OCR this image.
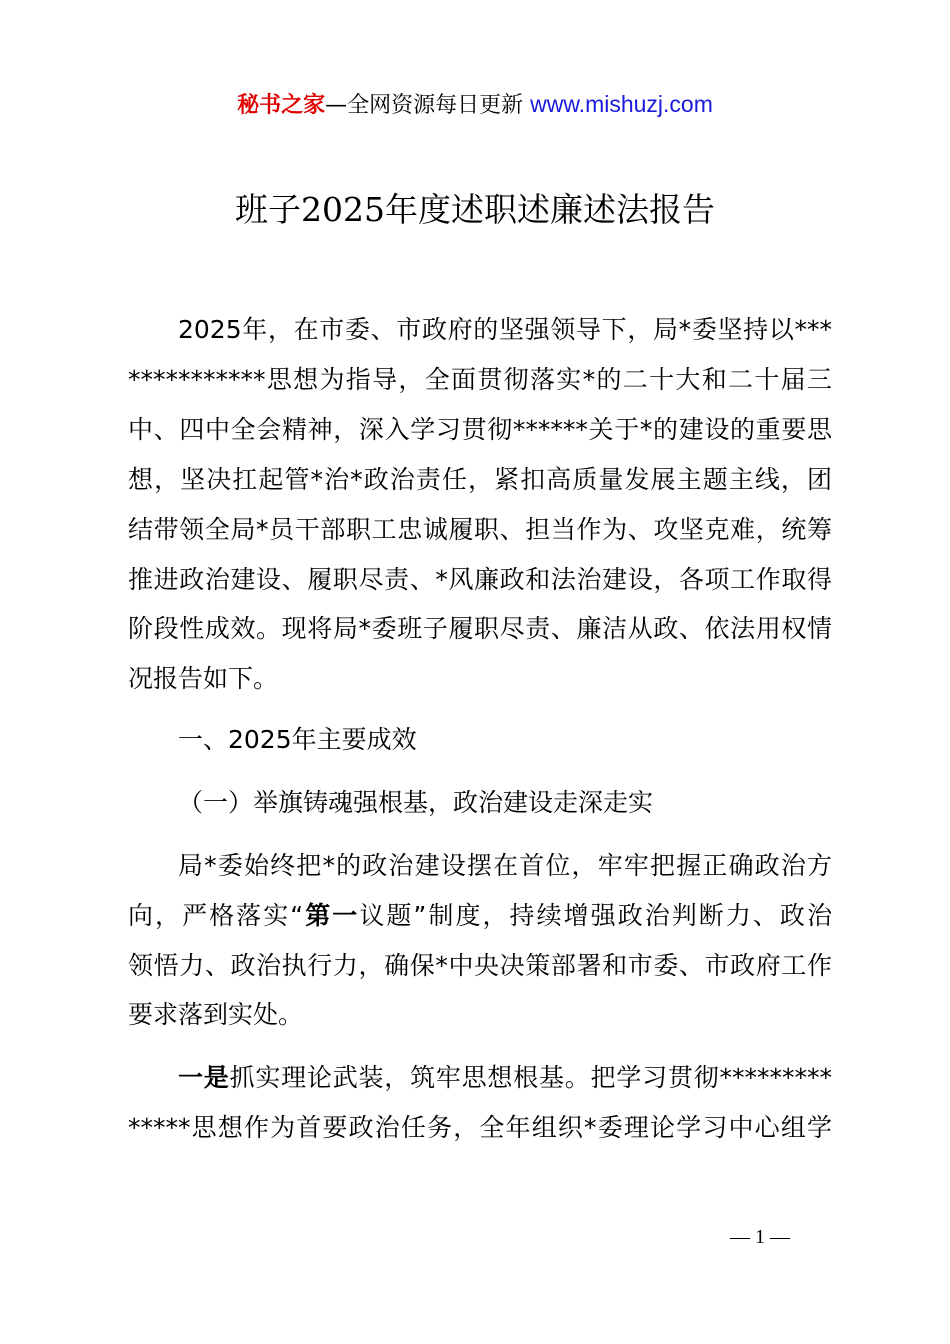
秘书之家—全网资源每日更新 www.mishuzj.com
班子2025年度述职述廉述法报告
2025年，在市委、市政府的坚强领导下，局*委坚持以***
***********思想为指导，全面贯彻落实*的二十大和二十届三
中、四中全会精神，深入学习贯彻******关于*的建设的重要思
想，坚决扛起管*治*政治责任，紧扣高质量发展主题主线，团
结带领全局*员干部职工忠诚履职、担当作为、攻坚克难，统筹
推进政治建设、履职尽责、*风廉政和法治建设，各项工作取得
阶段性成效。现将局*委班子履职尽责、廉洁从政、依法用权情
况报告如下。
一、2025年主要成效
（一）举旗铸魂强根基，政治建设走深走实
局*委始终把*的政治建设摆在首位，牢牢把握正确政治方
向，严格落实“第一议题”制度，持续增强政治判断力、政治
领悟力、政治执行力，确保*中央决策部署和市委、市政府工作
要求落到实处。
一是抓实理论武装，筑牢思想根基。把学习贯彻*********
*****思想作为首要政治任务，全年组织*委理论学习中心组学
— 1 —
